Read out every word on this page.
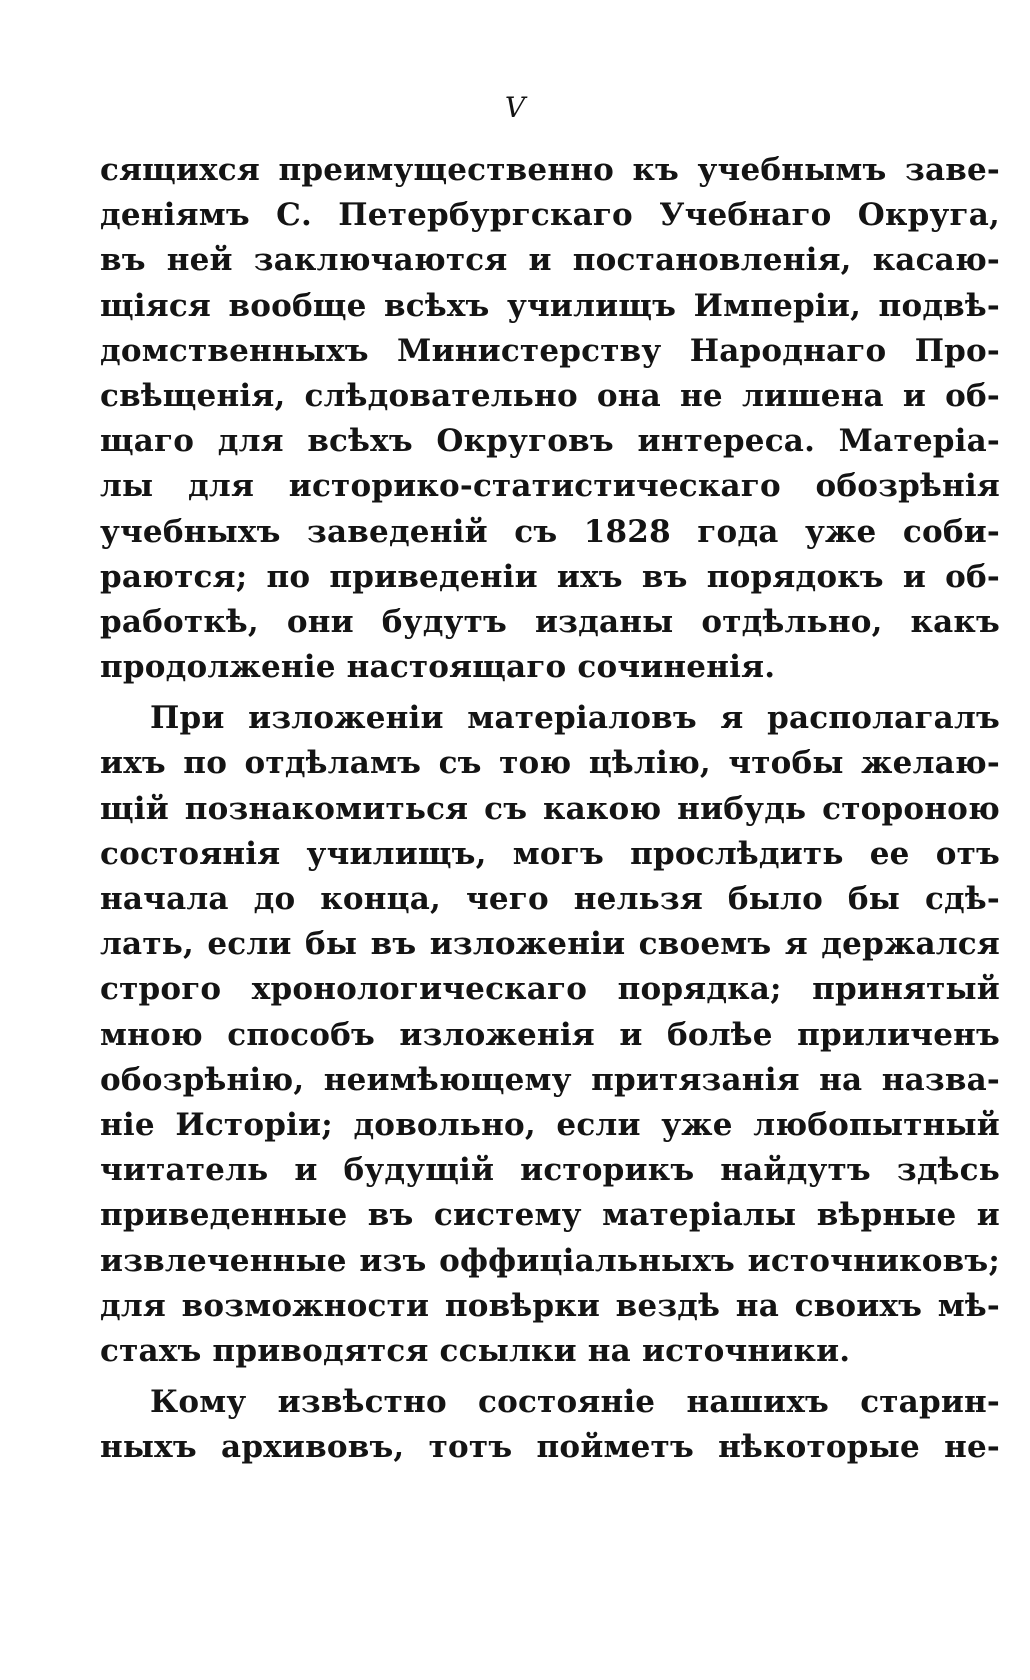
V
сящихся преимущественно къ учебнымъ заве-
деніямъ С. Петербургскаго Учебнаго Округа,
въ ней заключаются и постановленія, касаю-
щіяся вообще всѣхъ училищъ Имперіи, подвѣ-
домственныхъ Министерству Народнаго Про-
свѣщенія, слѣдовательно она не лишена и об-
щаго для всѣхъ Округовъ интереса. Матеріа-
лы для историко-статистическаго обозрѣнія
учебныхъ заведеній съ 1828 года уже соби-
раются; по приведеніи ихъ въ порядокъ и об-
работкѣ, они будутъ изданы отдѣльно, какъ
продолженіе настоящаго сочиненія.
При изложеніи матеріаловъ я располагалъ
ихъ по отдѣламъ съ тою цѣлію, чтобы желаю-
щій познакомиться съ какою нибудь стороною
состоянія училищъ, могъ прослѣдить ее отъ
начала до конца, чего нельзя было бы сдѣ-
лать, если бы въ изложеніи своемъ я держался
строго хронологическаго порядка; принятый
мною способъ изложенія и болѣе приличенъ
обозрѣнію, неимѣющему притязанія на назва-
ніе Исторіи; довольно, если уже любопытный
читатель и будущій историкъ найдутъ здѣсь
приведенные въ систему матеріалы вѣрные и
извлеченные изъ оффиціальныхъ источниковъ;
для возможности повѣрки вездѣ на своихъ мѣ-
стахъ приводятся ссылки на источники.
Кому извѣстно состояніе нашихъ старин-
ныхъ архивовъ, тотъ пойметъ нѣкоторые не-
